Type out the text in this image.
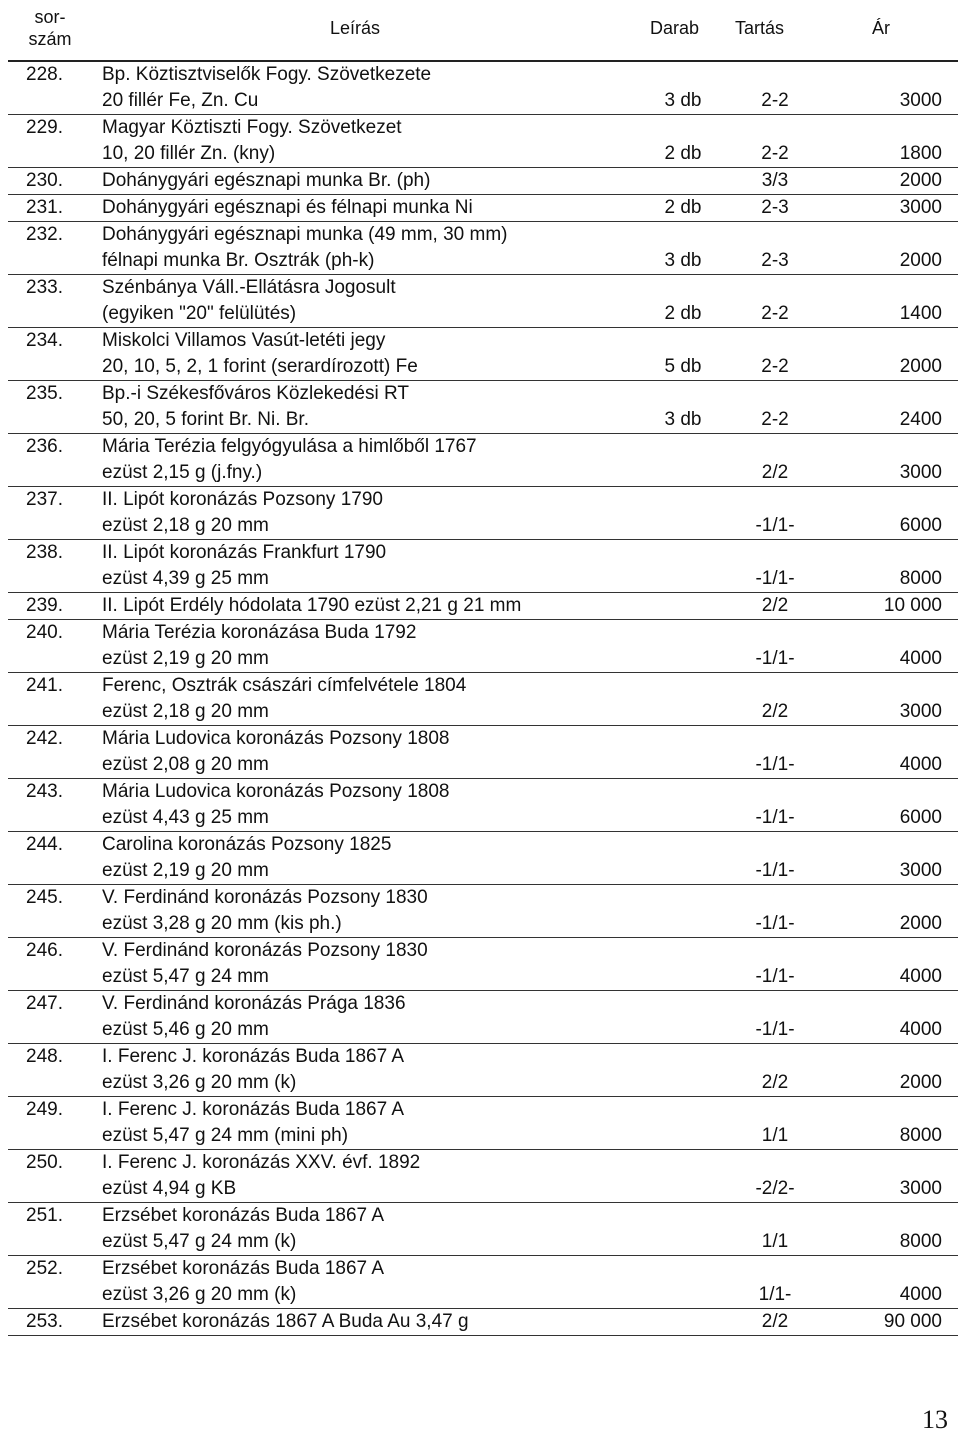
sor-
szám
Leírás	Darab Tartás	Ár
228. Bp. Köztisztviselők Fogy. Szövetkezete
20 fillér Fe, Zn. Cu	3 db	2-2	3000
229. Magyar Köztiszti Fogy. Szövetkezet
10, 20 fillér Zn. (kny)	2 db	2-2	1800
230. Dohánygyári egésznapi munka Br. (ph)	3/3	2000
231. Dohánygyári egésznapi és félnapi munka Ni	2 db	2-3	3000
232. Dohánygyári egésznapi munka (49 mm, 30 mm)
félnapi munka Br. Osztrák (ph-k)	3 db	2-3	2000
233. Szénbánya Váll.-Ellátásra Jogosult
(egyiken "20" felülütés)	2 db	2-2	1400
234. Miskolci Villamos Vasút-letéti jegy
20, 10, 5, 2, 1 forint (serardírozott) Fe	5 db	2-2	2000
235. Bp.-i Székesfőváros Közlekedési RT
50, 20, 5 forint Br. Ni. Br.	3 db	2-2	2400
236. Mária Terézia felgyógyulása a himlőből 1767
ezüst 2,15 g (j.fny.)	2/2	3000
237. II. Lipót koronázás Pozsony 1790
ezüst 2,18 g 20 mm	-1/1-	6000
238. II. Lipót koronázás Frankfurt 1790
ezüst 4,39 g 25 mm	-1/1-	8000
239. II. Lipót Erdély hódolata 1790 ezüst 2,21 g 21 mm	2/2	10 000
240. Mária Terézia koronázása Buda 1792
ezüst 2,19 g 20 mm	-1/1-	4000
241. Ferenc, Osztrák császári címfelvétele 1804
ezüst 2,18 g 20 mm	2/2	3000
242. Mária Ludovica koronázás Pozsony 1808
ezüst 2,08 g 20 mm	-1/1-	4000
243. Mária Ludovica koronázás Pozsony 1808
ezüst 4,43 g 25 mm	-1/1-	6000
244. Carolina koronázás Pozsony 1825
ezüst 2,19 g 20 mm	-1/1-	3000
245. V. Ferdinánd koronázás Pozsony 1830
ezüst 3,28 g 20 mm (kis ph.)	-1/1-	2000
246. V. Ferdinánd koronázás Pozsony 1830
ezüst 5,47 g 24 mm	-1/1-	4000
247. V. Ferdinánd koronázás Prága 1836
ezüst 5,46 g 20 mm	-1/1-	4000
248. I. Ferenc J. koronázás Buda 1867 A
ezüst 3,26 g 20 mm (k)	2/2	2000
249. I. Ferenc J. koronázás Buda 1867 A
ezüst 5,47 g 24 mm (mini ph)	1/1	8000
250. I. Ferenc J. koronázás XXV. évf. 1892
ezüst 4,94 g KB	-2/2-	3000
251. Erzsébet koronázás Buda 1867 A
ezüst 5,47 g 24 mm (k)	1/1	8000
252. Erzsébet koronázás Buda 1867 A
ezüst 3,26 g 20 mm (k)	1/1-	4000
253. Erzsébet koronázás 1867 A Buda Au 3,47 g	2/2	90 000
13
